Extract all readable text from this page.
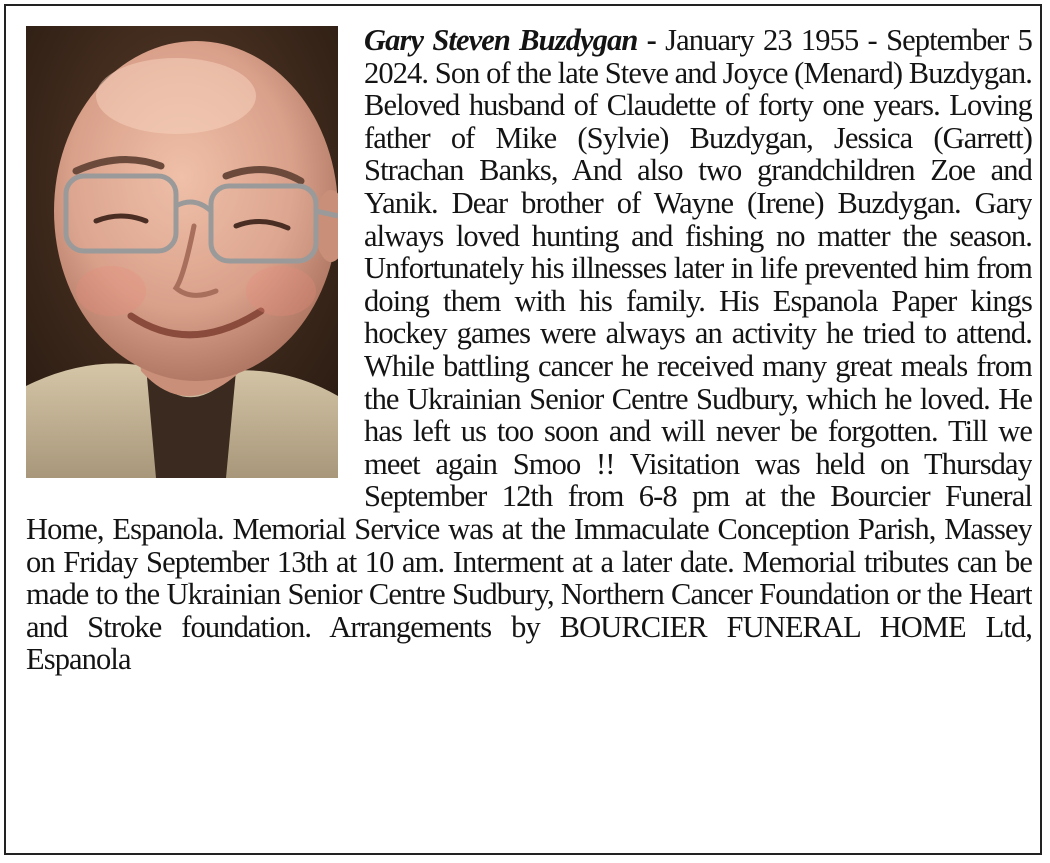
Gary Steven Buzdygan - January 23 1955 - September 5 2024. Son of the late Steve and Joyce (Menard) Buzdygan. Beloved husband of Claudette of forty one years. Loving father of Mike (Sylvie) Buzdygan, Jessica (Garrett) Strachan Banks, And also two grandchildren Zoe and Yanik. Dear brother of Wayne (Irene) Buzdygan. Gary always loved hunting and fishing no matter the season. Unfortunately his illnesses later in life prevented him from doing them with his family. His Espanola Paper kings hockey games were always an activity he tried to attend. While battling cancer he received many great meals from the Ukrainian Senior Centre Sudbury, which he loved. He has left us too soon and will never be forgotten. Till we meet again Smoo !! Visitation was held on Thursday September 12th from 6-8 pm at the Bourcier Funeral Home, Espanola. Memorial Service was at the Immaculate Conception Parish, Massey on Friday September 13th at 10 am. Interment at a later date. Memorial tributes can be made to the Ukrainian Senior Centre Sudbury, Northern Cancer Foundation or the Heart and Stroke foundation. Arrangements by BOURCIER FUNERAL HOME Ltd, Espanola
